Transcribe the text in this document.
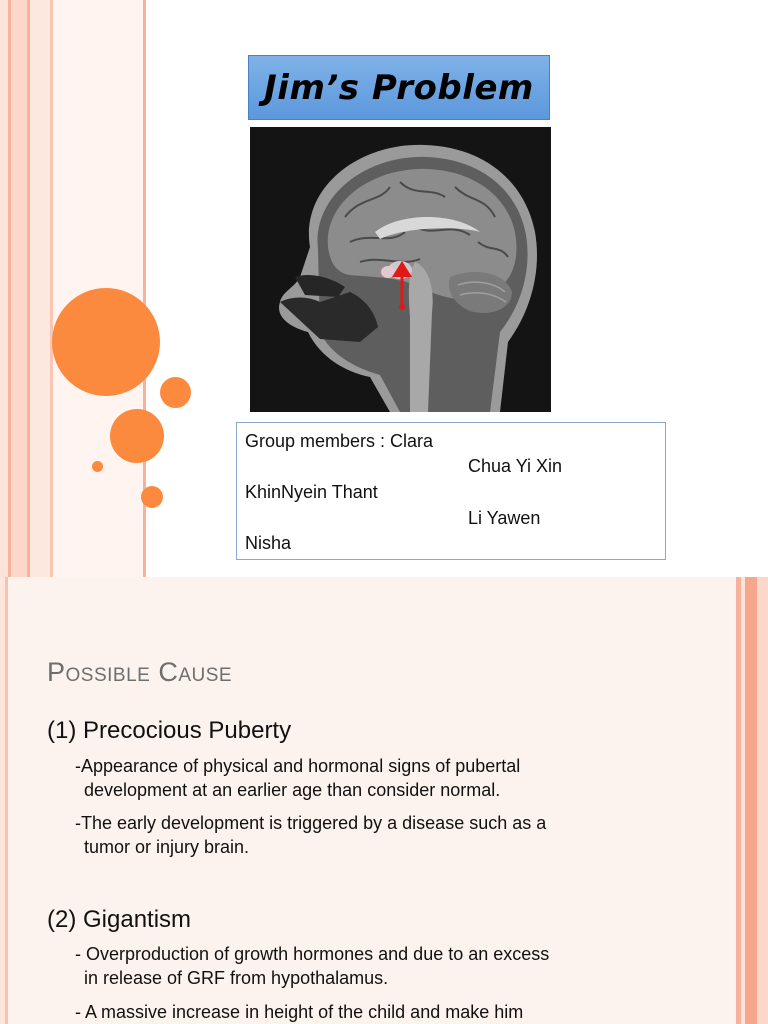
Jim’s Problem
Group members : Clara
Chua Yi Xin
KhinNyein Thant
Li Yawen
Nisha
Possible Cause
(1) Precocious Puberty
-Appearance of physical and hormonal signs of pubertal
development at an earlier age than consider normal.
-The early development is triggered by a disease such as a
tumor or injury brain.
(2) Gigantism
- Overproduction of growth hormones and due to an excess
in release of GRF from hypothalamus.
- A massive increase in height of the child and make him
